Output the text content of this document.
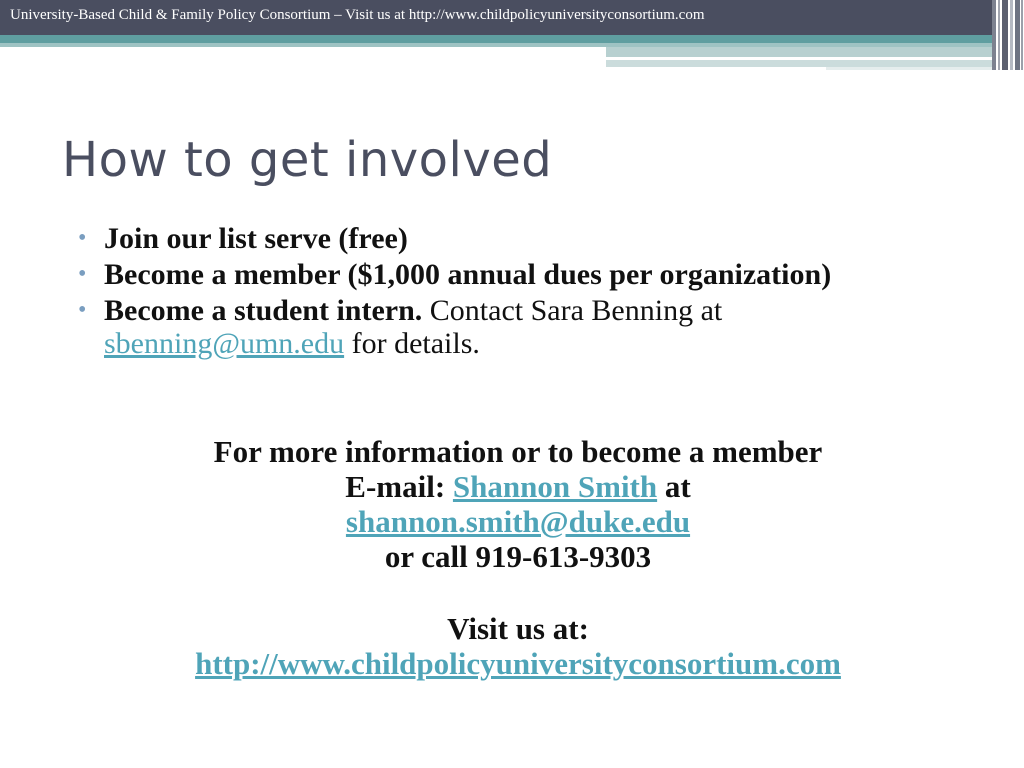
University-Based Child & Family Policy Consortium – Visit us at http://www.childpolicyuniversityconsortium.com
How to get involved
• Join our list serve (free)
• Become a member ($1,000 annual dues per organization)
• Become a student intern. Contact Sara Benning at sbenning@umn.edu for details.
For more information or to become a member
E-mail: Shannon Smith at
shannon.smith@duke.edu
or call 919-613-9303
Visit us at:
http://www.childpolicyuniversityconsortium.com
